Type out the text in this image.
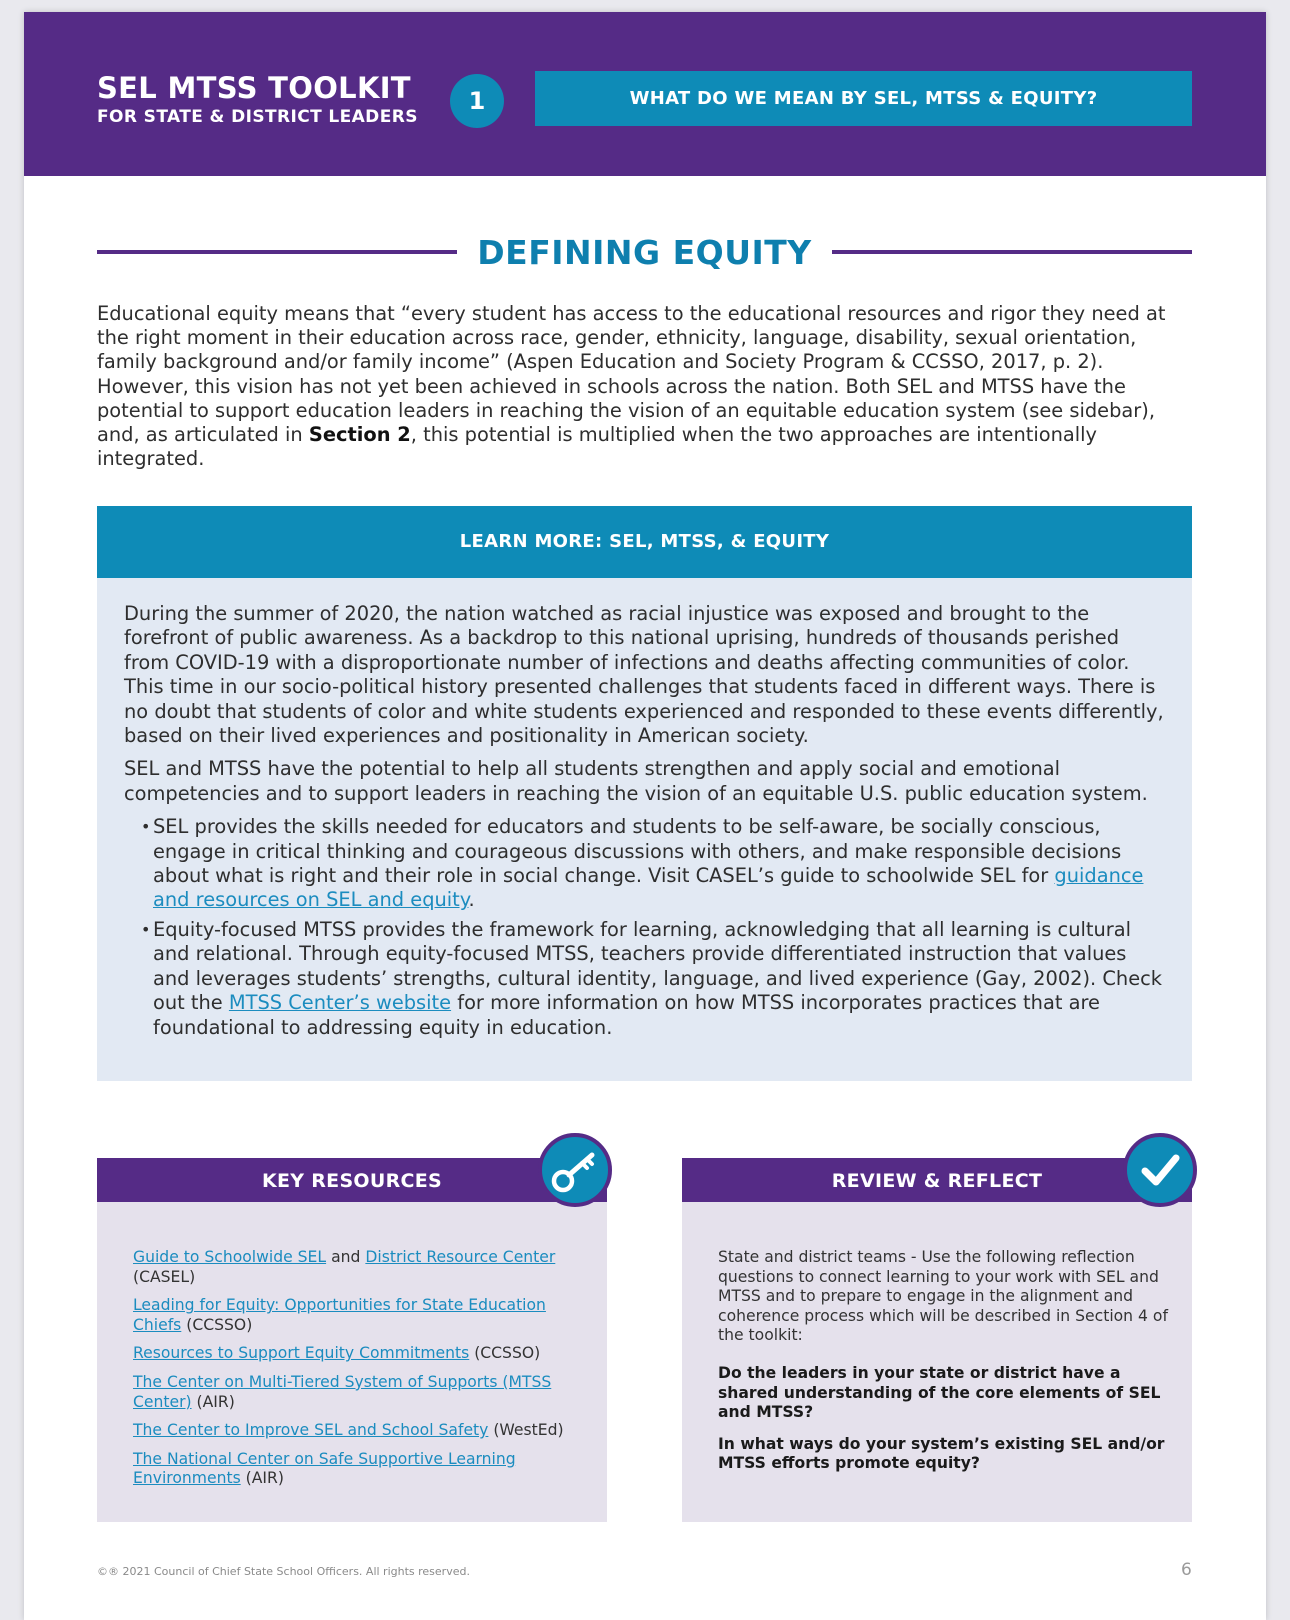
SEL MTSS TOOLKIT
FOR STATE & DISTRICT LEADERS
1	WHAT DO WE MEAN BY SEL, MTSS & EQUITY?
DEFINING EQUITY
Educational equity means that “every student has access to the educational resources and rigor they need at the right moment in their education across race, gender, ethnicity, language, disability, sexual orientation, family background and/or family income” (Aspen Education and Society Program & CCSSO, 2017, p. 2). However, this vision has not yet been achieved in schools across the nation. Both SEL and MTSS have the potential to support education leaders in reaching the vision of an equitable education system (see sidebar), and, as articulated in Section 2, this potential is multiplied when the two approaches are intentionally integrated.
LEARN MORE: SEL, MTSS, & EQUITY

During the summer of 2020, the nation watched as racial injustice was exposed and brought to the forefront of public awareness. As a backdrop to this national uprising, hundreds of thousands perished from COVID-19 with a disproportionate number of infections and deaths affecting communities of color. This time in our socio-political history presented challenges that students faced in different ways. There is no doubt that students of color and white students experienced and responded to these events differently, based on their lived experiences and positionality in American society.

SEL and MTSS have the potential to help all students strengthen and apply social and emotional competencies and to support leaders in reaching the vision of an equitable U.S. public education system.

• SEL provides the skills needed for educators and students to be self-aware, be socially conscious, engage in critical thinking and courageous discussions with others, and make responsible decisions about what is right and their role in social change. Visit CASEL’s guide to schoolwide SEL for guidance and resources on SEL and equity.
• Equity-focused MTSS provides the framework for learning, acknowledging that all learning is cultural and relational. Through equity-focused MTSS, teachers provide differentiated instruction that values and leverages students’ strengths, cultural identity, language, and lived experience (Gay, 2002). Check out the MTSS Center’s website for more information on how MTSS incorporates practices that are foundational to addressing equity in education.
KEY RESOURCES
Guide to Schoolwide SEL and District Resource Center
(CASEL)
Leading for Equity: Opportunities for State Education Chiefs (CCSSO)
Resources to Support Equity Commitments (CCSSO)
The Center on Multi-Tiered System of Supports (MTSS Center) (AIR)
The Center to Improve SEL and School Safety (WestEd)
The National Center on Safe Supportive Learning Environments (AIR)
REVIEW & REFLECT
State and district teams - Use the following reflection questions to connect learning to your work with SEL and MTSS and to prepare to engage in the alignment and coherence process which will be described in Section 4 of the toolkit:
Do the leaders in your state or district have a shared understanding of the core elements of SEL and MTSS?
In what ways do your system’s existing SEL and/or MTSS efforts promote equity?
©® 2021 Council of Chief State School Officers. All rights reserved.	6
